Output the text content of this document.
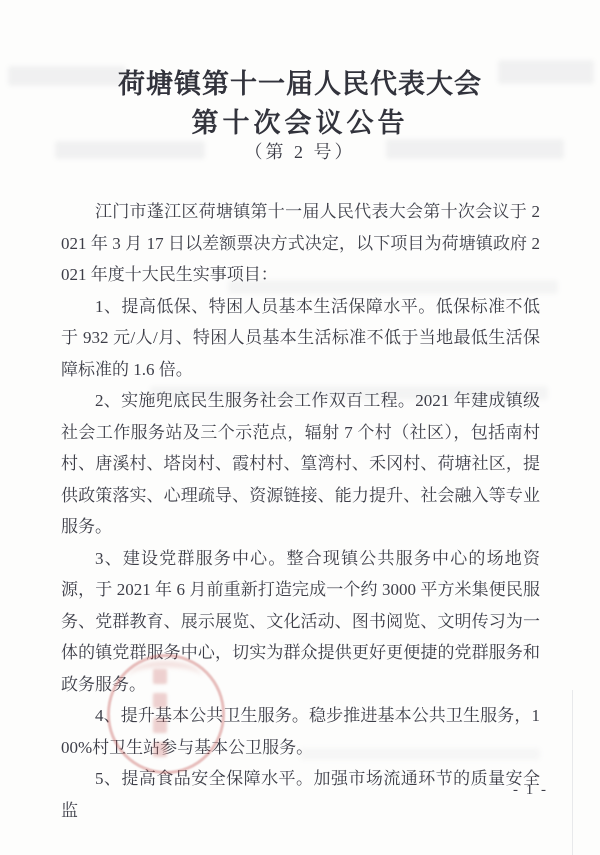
荷塘镇第十一届人民代表大会
第十次会议公告
（第 2 号）

江门市蓬江区荷塘镇第十一届人民代表大会第十次会议于 2021 年 3 月 17 日以差额票决方式决定，以下项目为荷塘镇政府 2021 年度十大民生实事项目：

1、提高低保、特困人员基本生活保障水平。低保标准不低于 932 元/人/月、特困人员基本生活标准不低于当地最低生活保障标准的 1.6 倍。

2、实施兜底民生服务社会工作双百工程。2021 年建成镇级社会工作服务站及三个示范点，辐射 7 个村（社区），包括南村村、唐溪村、塔岗村、霞村村、篁湾村、禾冈村、荷塘社区，提供政策落实、心理疏导、资源链接、能力提升、社会融入等专业服务。

3、建设党群服务中心。整合现镇公共服务中心的场地资源，于 2021 年 6 月前重新打造完成一个约 3000 平方米集便民服务、党群教育、展示展览、文化活动、图书阅览、文明传习为一体的镇党群服务中心，切实为群众提供更好更便捷的党群服务和政务服务。

4、提升基本公共卫生服务。稳步推进基本公共卫生服务，100%村卫生站参与基本公卫服务。

5、提高食品安全保障水平。加强市场流通环节的质量安全监

- 1 -
